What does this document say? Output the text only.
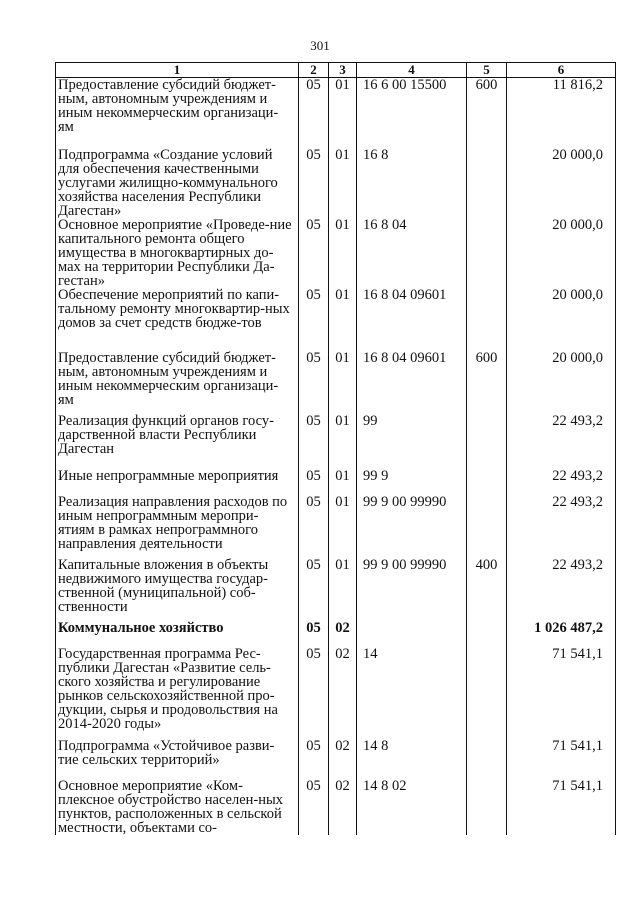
301
1	2	3	4	5	6
Предоставление субсидий бюджет-ным, автономным учреждениям и иным некоммерческим организаци-ям	05	01	16 6 00 15500	600	11 816,2
Подпрограмма «Создание условий для обеспечения качественными услугами жилищно-коммунального хозяйства населения Республики Дагестан»	05	01	16 8		20 000,0
Основное мероприятие «Проведе-ние капитального ремонта общего имущества в многоквартирных до-мах на территории Республики Да-гестан»	05	01	16 8 04		20 000,0
Обеспечение мероприятий по капи-тальному ремонту многоквартир-ных домов за счет средств бюдже-тов	05	01	16 8 04 09601		20 000,0
Предоставление субсидий бюджет-ным, автономным учреждениям и иным некоммерческим организаци-ям	05	01	16 8 04 09601	600	20 000,0
Реализация функций органов госу-дарственной власти Республики Дагестан	05	01	99		22 493,2
Иные непрограммные мероприятия	05	01	99 9		22 493,2
Реализация направления расходов по иным непрограммным меропри-ятиям в рамках непрограммного направления деятельности	05	01	99 9 00 99990		22 493,2
Капитальные вложения в объекты недвижимого имущества государ-ственной (муниципальной) соб-ственности	05	01	99 9 00 99990	400	22 493,2
Коммунальное хозяйство	05	02			1 026 487,2
Государственная программа Рес-публики Дагестан «Развитие сель-ского хозяйства и регулирование рынков сельскохозяйственной про-дукции, сырья и продовольствия на 2014-2020 годы»	05	02	14		71 541,1
Подпрограмма «Устойчивое разви-тие сельских территорий»	05	02	14 8		71 541,1
Основное мероприятие «Ком-плексное обустройство населен-ных пунктов, расположенных в сельской местности, объектами со-	05	02	14 8 02		71 541,1
